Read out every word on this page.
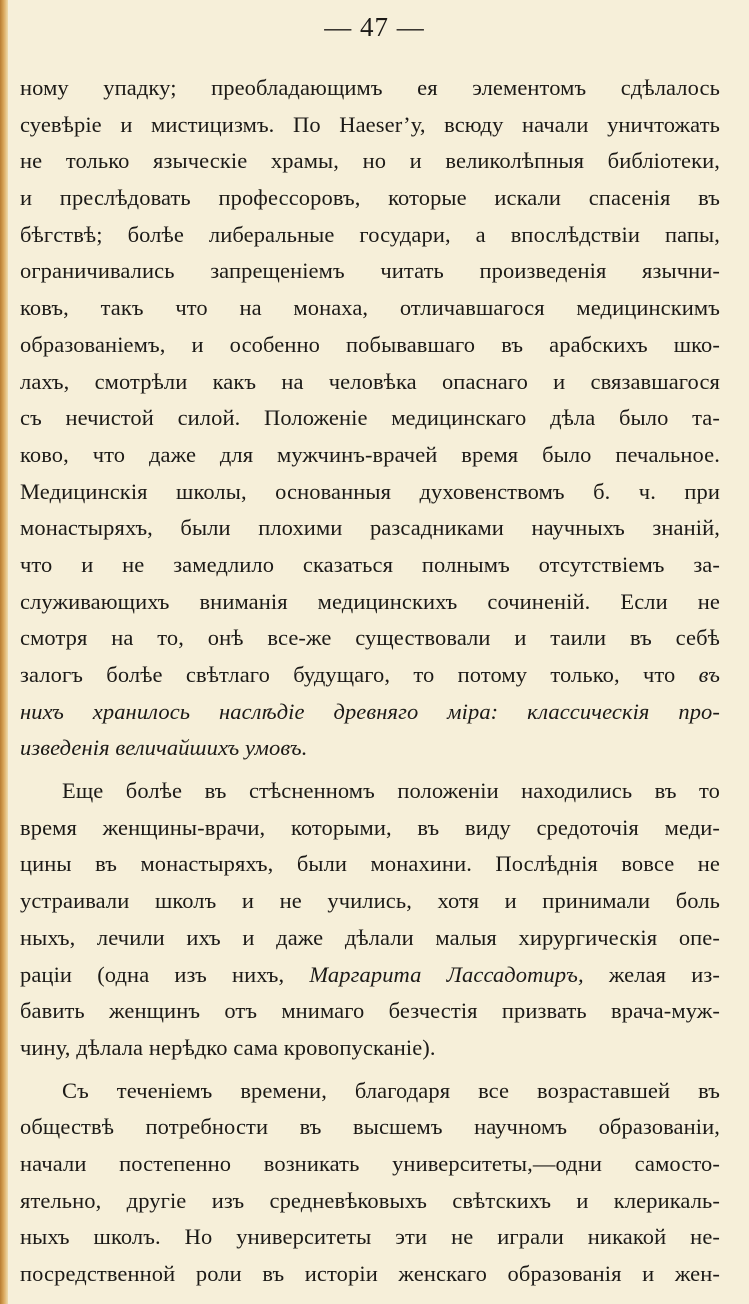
— 47 —
ному упадку; преобладающимъ ея элементомъ сдѣлалось
суевѣріе и мистицизмъ. По Haeser’у, всюду начали уничтожать
не только языческіе храмы, но и великолѣпныя библіотеки,
и преслѣдовать профессоровъ, которые искали спасенія въ
бѣгствѣ; болѣе либеральные государи, а впослѣдствіи папы,
ограничивались запрещеніемъ читать произведенія язычни-
ковъ, такъ что на монаха, отличавшагося медицинскимъ
образованіемъ, и особенно побывавшаго въ арабскихъ шко-
лахъ, смотрѣли какъ на человѣка опаснаго и связавшагося
съ нечистой силой. Положеніе медицинскаго дѣла было та-
ково, что даже для мужчинъ-врачей время было печальное.
Медицинскія школы, основанныя духовенствомъ б. ч. при
монастыряхъ, были плохими разсадниками научныхъ знаній,
что и не замедлило сказаться полнымъ отсутствіемъ за-
служивающихъ вниманія медицинскихъ сочиненій. Если не
смотря на то, онѣ все-же существовали и таили въ себѣ
залогъ болѣе свѣтлаго будущаго, то потому только, что въ
нихъ хранилось наслѣдіе древняго міра: классическія про-
изведенія величайшихъ умовъ.
Еще болѣе въ стѣсненномъ положеніи находились въ то
время женщины-врачи, которыми, въ виду средоточія меди-
цины въ монастыряхъ, были монахини. Послѣднія вовсе не
устраивали школъ и не учились, хотя и принимали боль
ныхъ, лечили ихъ и даже дѣлали малыя хирургическія опе-
раціи (одна изъ нихъ, Маргарита Лассадотиръ, желая из-
бавить женщинъ отъ мнимаго безчестія призвать врача-муж-
чину, дѣлала нерѣдко сама кровопусканіе).
Съ теченіемъ времени, благодаря все возраставшей въ
обществѣ потребности въ высшемъ научномъ образованіи,
начали постепенно возникать университеты,—одни самосто-
ятельно, другіе изъ средневѣковыхъ свѣтскихъ и клерикаль-
ныхъ школъ. Но университеты эти не играли никакой не-
посредственной роли въ исторіи женскаго образованія и жен-
